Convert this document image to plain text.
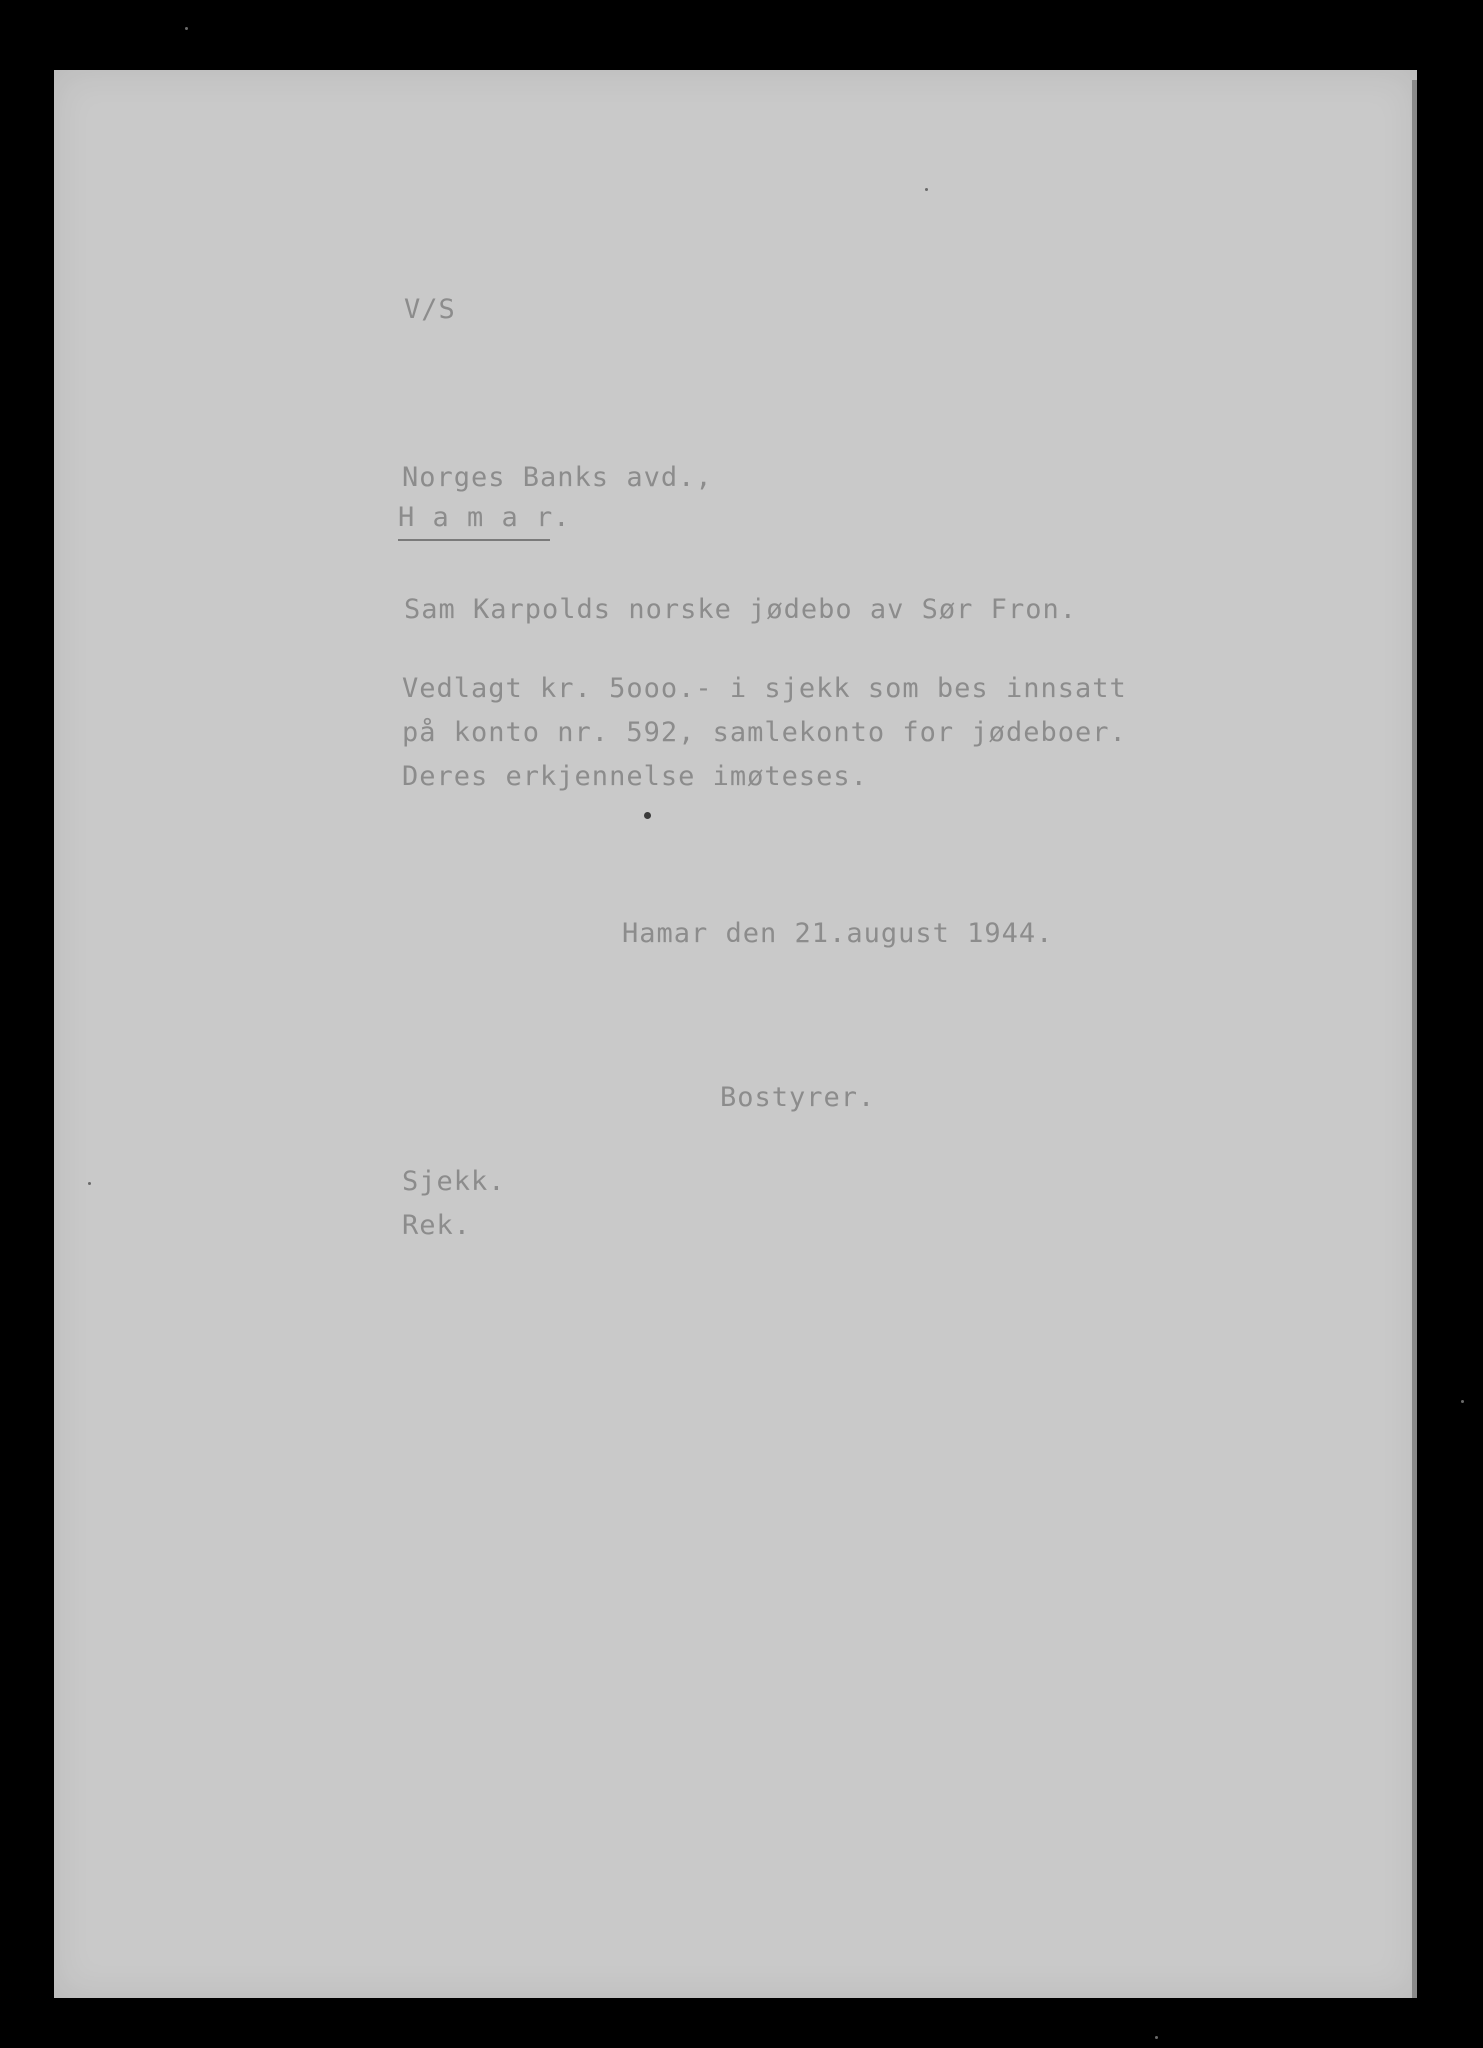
V/S
Norges Banks avd.,
H a m a r.
Sam Karpolds norske jødebo av Sør Fron.
Vedlagt kr. 5ooo.- i sjekk som bes innsatt
på konto nr. 592, samlekonto for jødeboer.
Deres erkjennelse imøteses.
Hamar den 21.august 1944.
Bostyrer.
Sjekk.
Rek.
